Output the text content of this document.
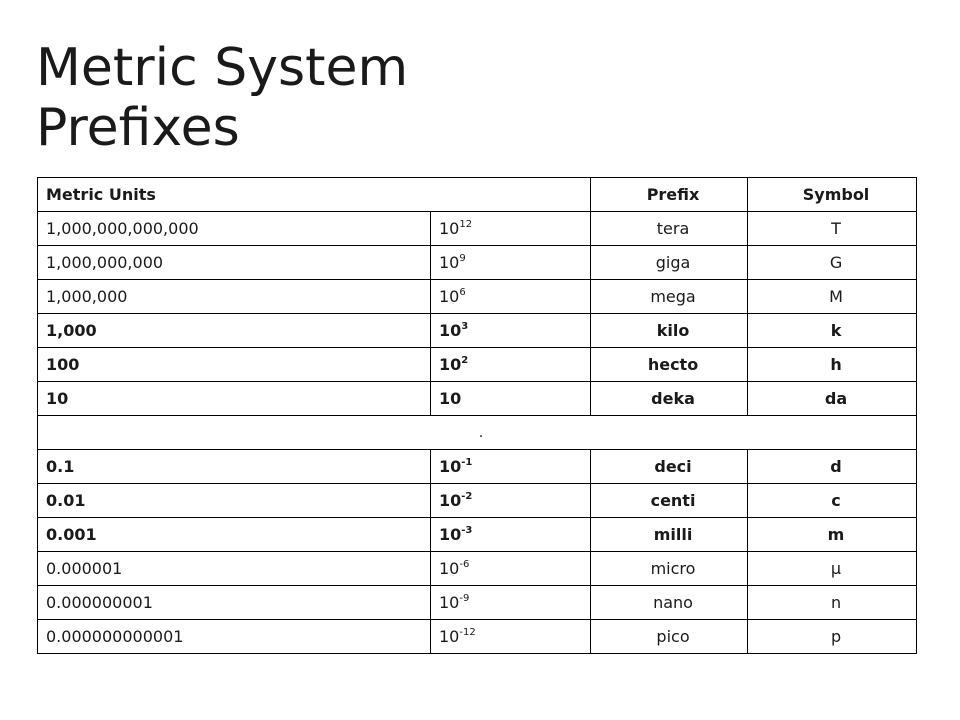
Metric System
Prefixes
Metric Units		Prefix	Symbol
1,000,000,000,000	$10^{12}$	tera	T
1,000,000,000	$10^9$	giga	G
1,000,000	$10^6$	mega	M
1,000	$10^3$	kilo	k
100	$10^2$	hecto	h
10	10	deka	da
.			
0.1	$10^{-1}$	deci	d
0.01	$10^{-2}$	centi	c
0.001	$10^{-3}$	milli	m
0.000001	$10^{-6}$	micro	µ
0.000000001	$10^{-9}$	nano	n
0.000000000001	$10^{-12}$	pico	p
